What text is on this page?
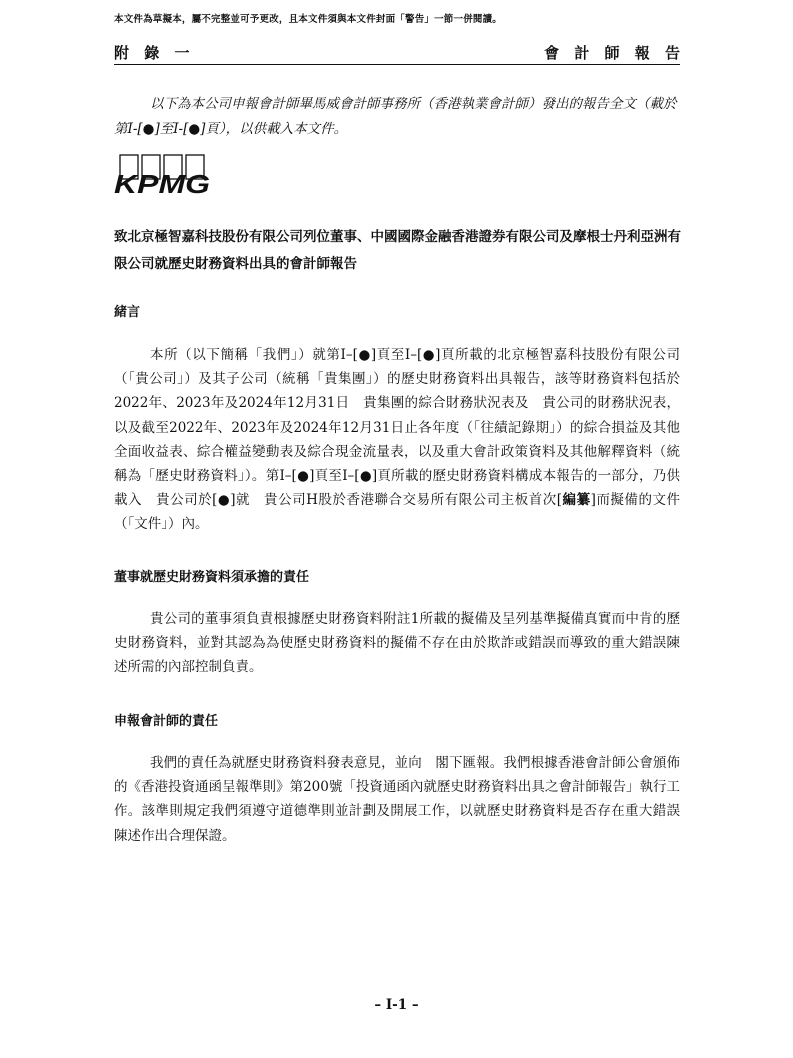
本文件為草擬本，屬不完整並可予更改，且本文件須與本文件封面「警告」一節一併閱讀。
附 錄 一	會 計 師 報 告
以下為本公司申報會計師畢馬威會計師事務所（香港執業會計師）發出的報告全文（載於第I-[●]至I-[●]頁），以供載入本文件。
KPMG
致北京極智嘉科技股份有限公司列位董事、中國國際金融香港證券有限公司及摩根士丹利亞洲有限公司就歷史財務資料出具的會計師報告
緒言
本所（以下簡稱「我們」）就第I–[●]頁至I–[●]頁所載的北京極智嘉科技股份有限公司（「貴公司」）及其子公司（統稱「貴集團」）的歷史財務資料出具報告，該等財務資料包括於2022年、2023年及2024年12月31日　貴集團的綜合財務狀況表及　貴公司的財務狀況表，以及截至2022年、2023年及2024年12月31日止各年度（「往績記錄期」）的綜合損益及其他全面收益表、綜合權益變動表及綜合現金流量表，以及重大會計政策資料及其他解釋資料（統稱為「歷史財務資料」）。第I–[●]頁至I–[●]頁所載的歷史財務資料構成本報告的一部分，乃供載入　貴公司於[●]就　貴公司H股於香港聯合交易所有限公司主板首次[編纂]而擬備的文件（「文件」）內。
董事就歷史財務資料須承擔的責任
貴公司的董事須負責根據歷史財務資料附註1所載的擬備及呈列基準擬備真實而中肯的歷史財務資料，並對其認為為使歷史財務資料的擬備不存在由於欺詐或錯誤而導致的重大錯誤陳述所需的內部控制負責。
申報會計師的責任
我們的責任為就歷史財務資料發表意見，並向　閣下匯報。我們根據香港會計師公會頒佈的《香港投資通函呈報準則》第200號「投資通函內就歷史財務資料出具之會計師報告」執行工作。該準則規定我們須遵守道德準則並計劃及開展工作，以就歷史財務資料是否存在重大錯誤陳述作出合理保證。
– I-1 –
